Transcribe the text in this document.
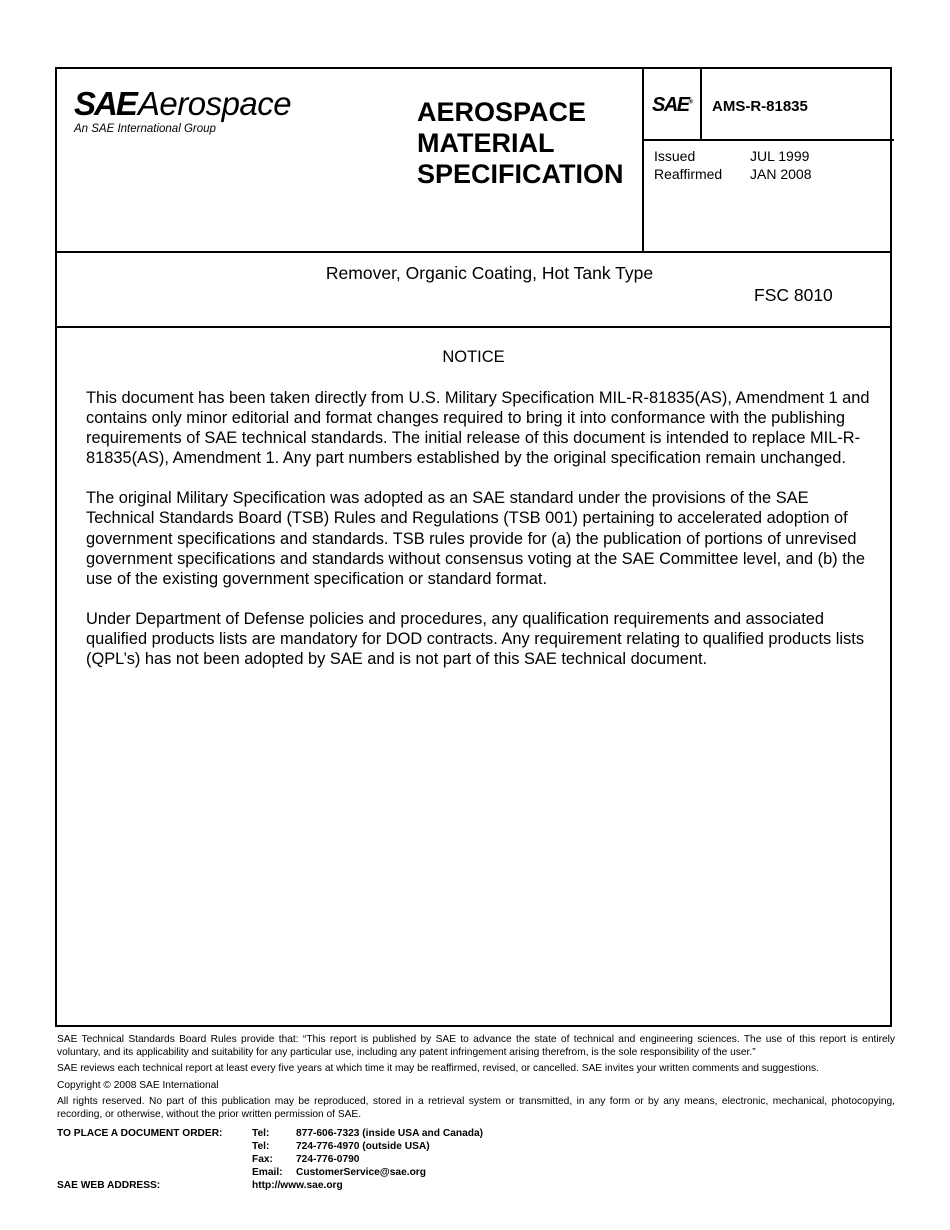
SAEAerospace
An SAE International Group
AEROSPACE
MATERIAL
SPECIFICATION
SAE® AMS-R-81835
Issued	JUL 1999
Reaffirmed JAN 2008
Remover, Organic Coating, Hot Tank Type
FSC 8010
NOTICE

This document has been taken directly from U.S. Military Specification MIL-R-81835(AS), Amendment 1 and contains only minor editorial and format changes required to bring it into conformance with the publishing requirements of SAE technical standards. The initial release of this document is intended to replace MIL-R-81835(AS), Amendment 1. Any part numbers established by the original specification remain unchanged.

The original Military Specification was adopted as an SAE standard under the provisions of the SAE Technical Standards Board (TSB) Rules and Regulations (TSB 001) pertaining to accelerated adoption of government specifications and standards. TSB rules provide for (a) the publication of portions of unrevised government specifications and standards without consensus voting at the SAE Committee level, and (b) the use of the existing government specification or standard format.

Under Department of Defense policies and procedures, any qualification requirements and associated qualified products lists are mandatory for DOD contracts. Any requirement relating to qualified products lists (QPL’s) has not been adopted by SAE and is not part of this SAE technical document.

SAE Technical Standards Board Rules provide that: “This report is published by SAE to advance the state of technical and engineering sciences. The use of this report is entirely voluntary, and its applicability and suitability for any particular use, including any patent infringement arising therefrom, is the sole responsibility of the user.”

SAE reviews each technical report at least every five years at which time it may be reaffirmed, revised, or cancelled. SAE invites your written comments and suggestions.

Copyright © 2008 SAE International

All rights reserved. No part of this publication may be reproduced, stored in a retrieval system or transmitted, in any form or by any means, electronic, mechanical, photocopying, recording, or otherwise, without the prior written permission of SAE.

TO PLACE A DOCUMENT ORDER:	Tel:	877-606-7323 (inside USA and Canada)
Tel:	724-776-4970 (outside USA)
Fax: 724-776-0790
Email: CustomerService@sae.org
SAE WEB ADDRESS:	http://www.sae.org
